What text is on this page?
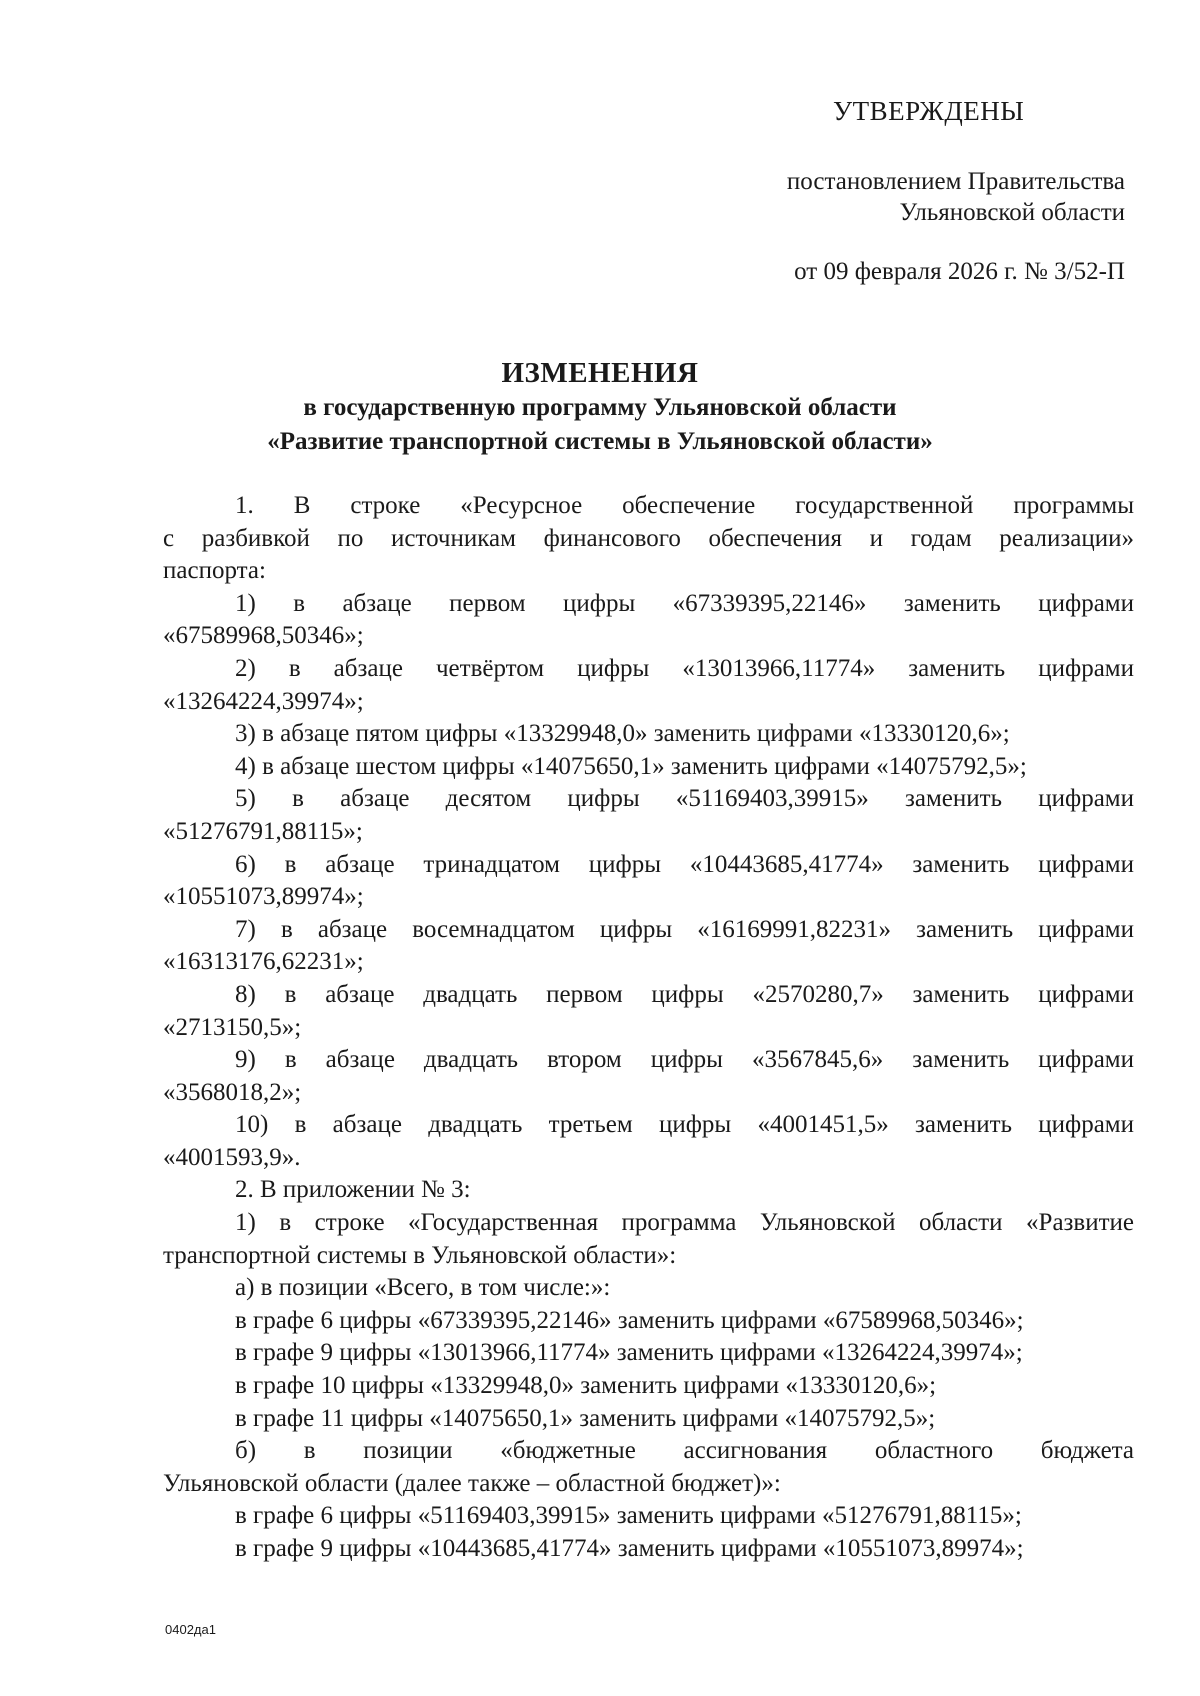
УТВЕРЖДЕНЫ
постановлением Правительства
Ульяновской области
от 09 февраля 2026 г. № 3/52-П
ИЗМЕНЕНИЯ
в государственную программу Ульяновской области
«Развитие транспортной системы в Ульяновской области»
1. В строке «Ресурсное обеспечение государственной программы
с разбивкой по источникам финансового обеспечения и годам реализации»
паспорта:
1) в абзаце первом цифры «67339395,22146» заменить цифрами
«67589968,50346»;
2) в абзаце четвёртом цифры «13013966,11774» заменить цифрами
«13264224,39974»;
3) в абзаце пятом цифры «13329948,0» заменить цифрами «13330120,6»;
4) в абзаце шестом цифры «14075650,1» заменить цифрами «14075792,5»;
5) в абзаце десятом цифры «51169403,39915» заменить цифрами
«51276791,88115»;
6) в абзаце тринадцатом цифры «10443685,41774» заменить цифрами
«10551073,89974»;
7) в абзаце восемнадцатом цифры «16169991,82231» заменить цифрами
«16313176,62231»;
8) в абзаце двадцать первом цифры «2570280,7» заменить цифрами
«2713150,5»;
9) в абзаце двадцать втором цифры «3567845,6» заменить цифрами
«3568018,2»;
10) в абзаце двадцать третьем цифры «4001451,5» заменить цифрами
«4001593,9».
2. В приложении № 3:
1) в строке «Государственная программа Ульяновской области «Развитие
транспортной системы в Ульяновской области»:
а) в позиции «Всего, в том числе:»:
в графе 6 цифры «67339395,22146» заменить цифрами «67589968,50346»;
в графе 9 цифры «13013966,11774» заменить цифрами «13264224,39974»;
в графе 10 цифры «13329948,0» заменить цифрами «13330120,6»;
в графе 11 цифры «14075650,1» заменить цифрами «14075792,5»;
б) в позиции «бюджетные ассигнования областного бюджета
Ульяновской области (далее также – областной бюджет)»:
в графе 6 цифры «51169403,39915» заменить цифрами «51276791,88115»;
в графе 9 цифры «10443685,41774» заменить цифрами «10551073,89974»;
0402да1
